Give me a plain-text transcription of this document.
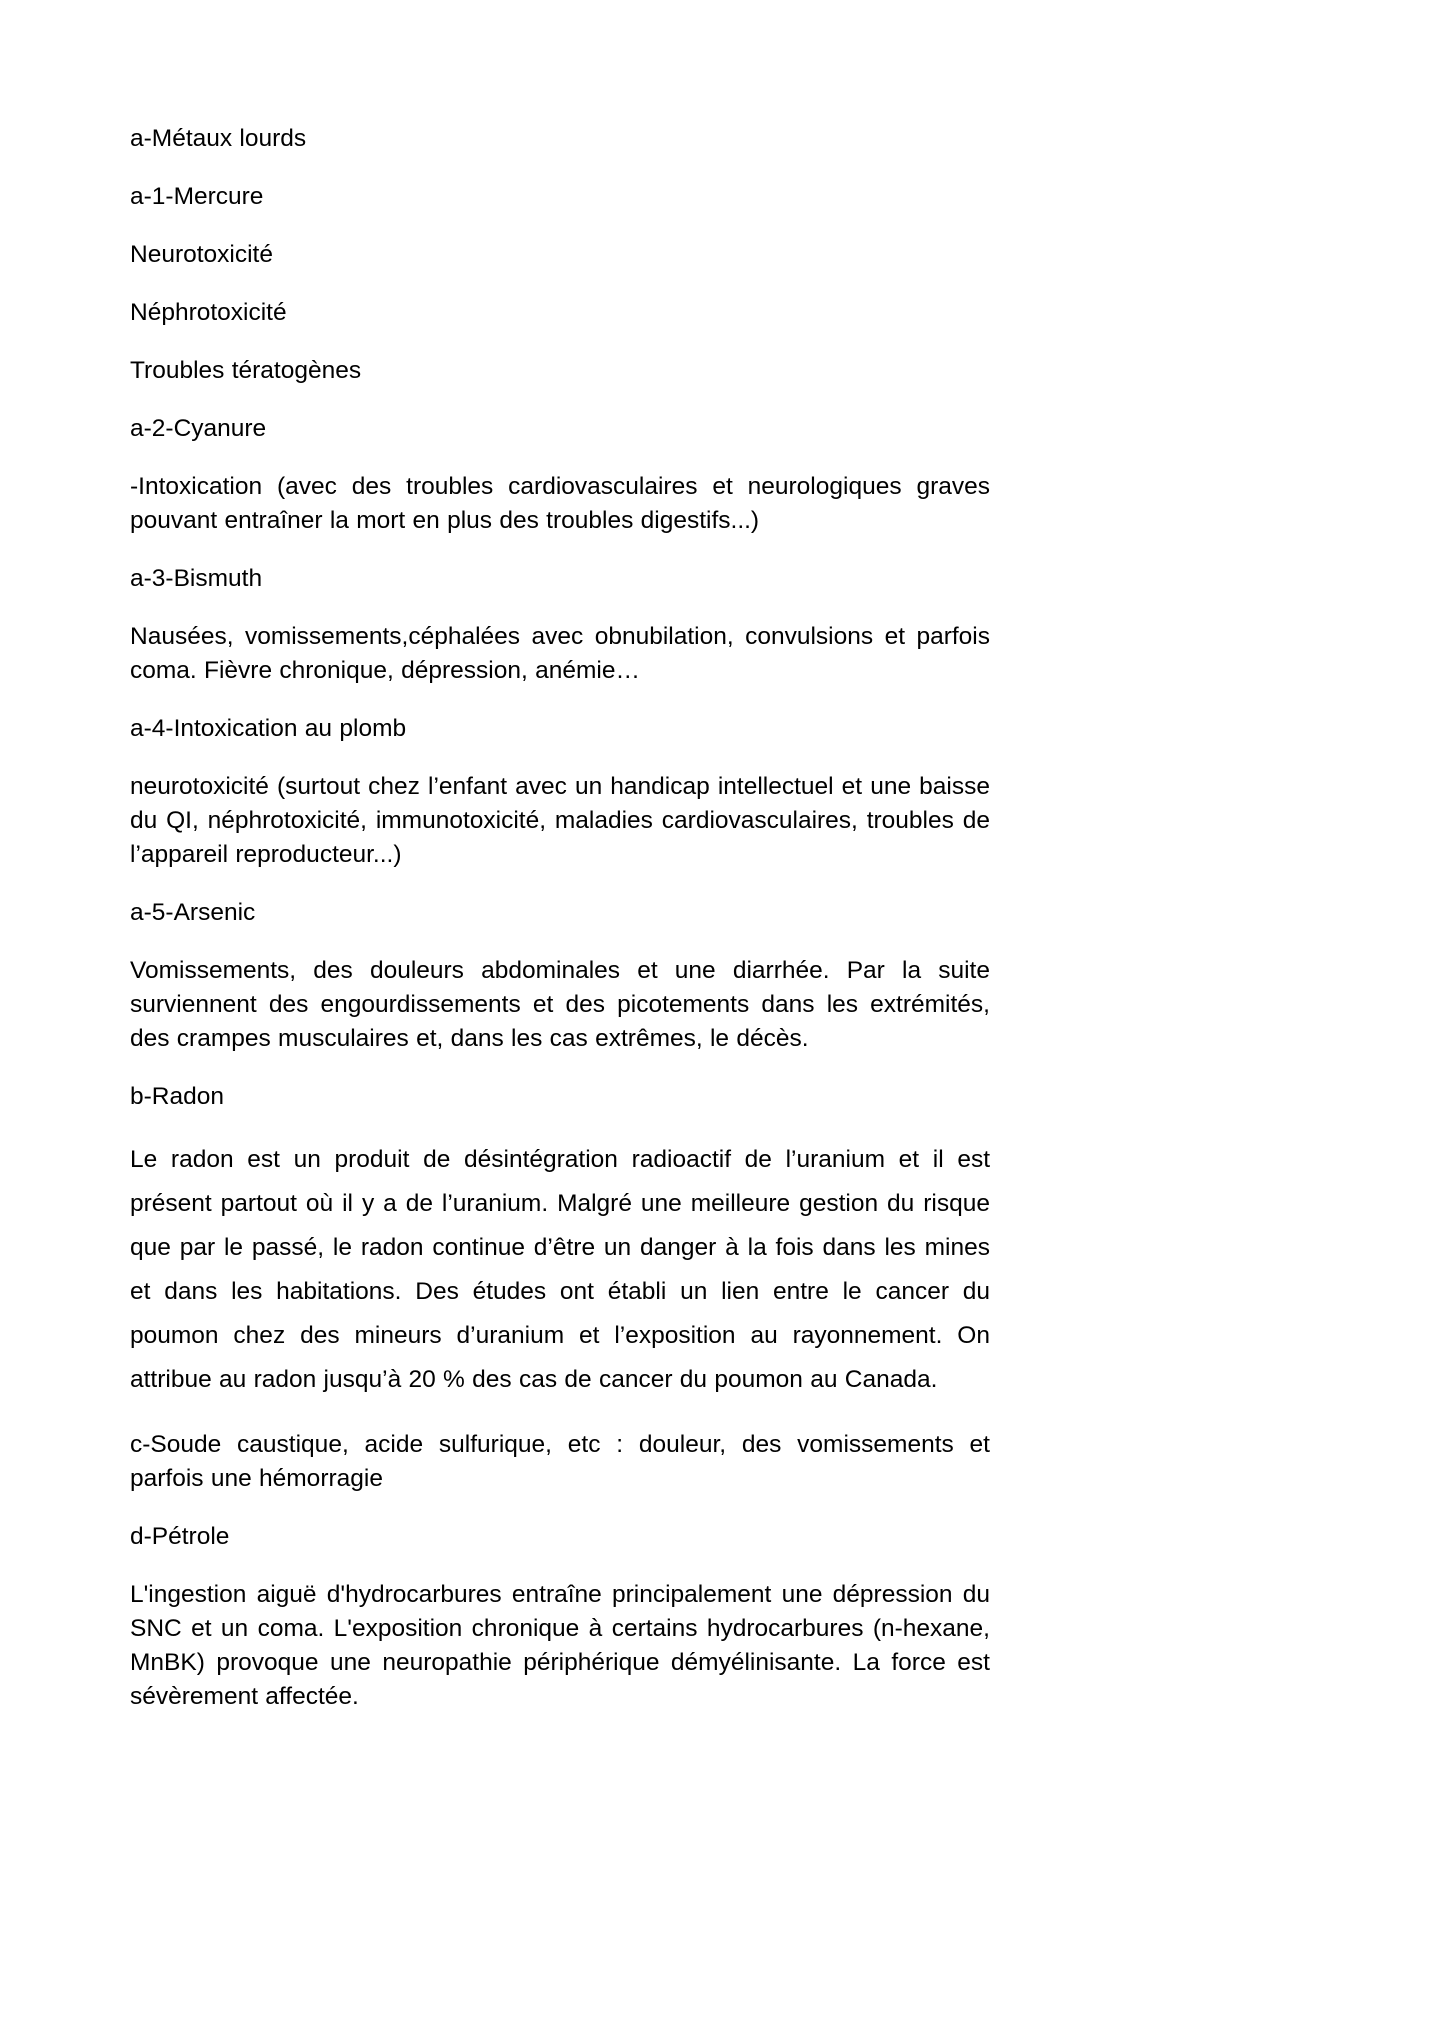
a-Métaux lourds

a-1-Mercure

Neurotoxicité

Néphrotoxicité

Troubles tératogènes

a-2-Cyanure

-Intoxication (avec des troubles cardiovasculaires et neurologiques graves pouvant entraîner la mort en plus des troubles digestifs...)

a-3-Bismuth

Nausées, vomissements,céphalées avec obnubilation, convulsions et parfois coma. Fièvre chronique, dépression, anémie…

a-4-Intoxication au plomb

neurotoxicité (surtout chez l’enfant avec un handicap intellectuel et une baisse du QI, néphrotoxicité, immunotoxicité, maladies cardiovasculaires, troubles de l’appareil reproducteur...)

a-5-Arsenic

Vomissements, des douleurs abdominales et une diarrhée. Par la suite surviennent des engourdissements et des picotements dans les extrémités, des crampes musculaires et, dans les cas extrêmes, le décès.

b-Radon

Le radon est un produit de désintégration radioactif de l’uranium et il est présent partout où il y a de l’uranium. Malgré une meilleure gestion du risque que par le passé, le radon continue d’être un danger à la fois dans les mines et dans les habitations. Des études ont établi un lien entre le cancer du poumon chez des mineurs d’uranium et l’exposition au rayonnement. On attribue au radon jusqu’à 20 % des cas de cancer du poumon au Canada.

c-Soude caustique, acide sulfurique, etc : douleur, des vomissements et parfois une hémorragie

d-Pétrole

L'ingestion aiguë d'hydrocarbures entraîne principalement une dépression du SNC et un coma. L'exposition chronique à certains hydrocarbures (n-hexane, MnBK) provoque une neuropathie périphérique démyélinisante. La force est sévèrement affectée.
